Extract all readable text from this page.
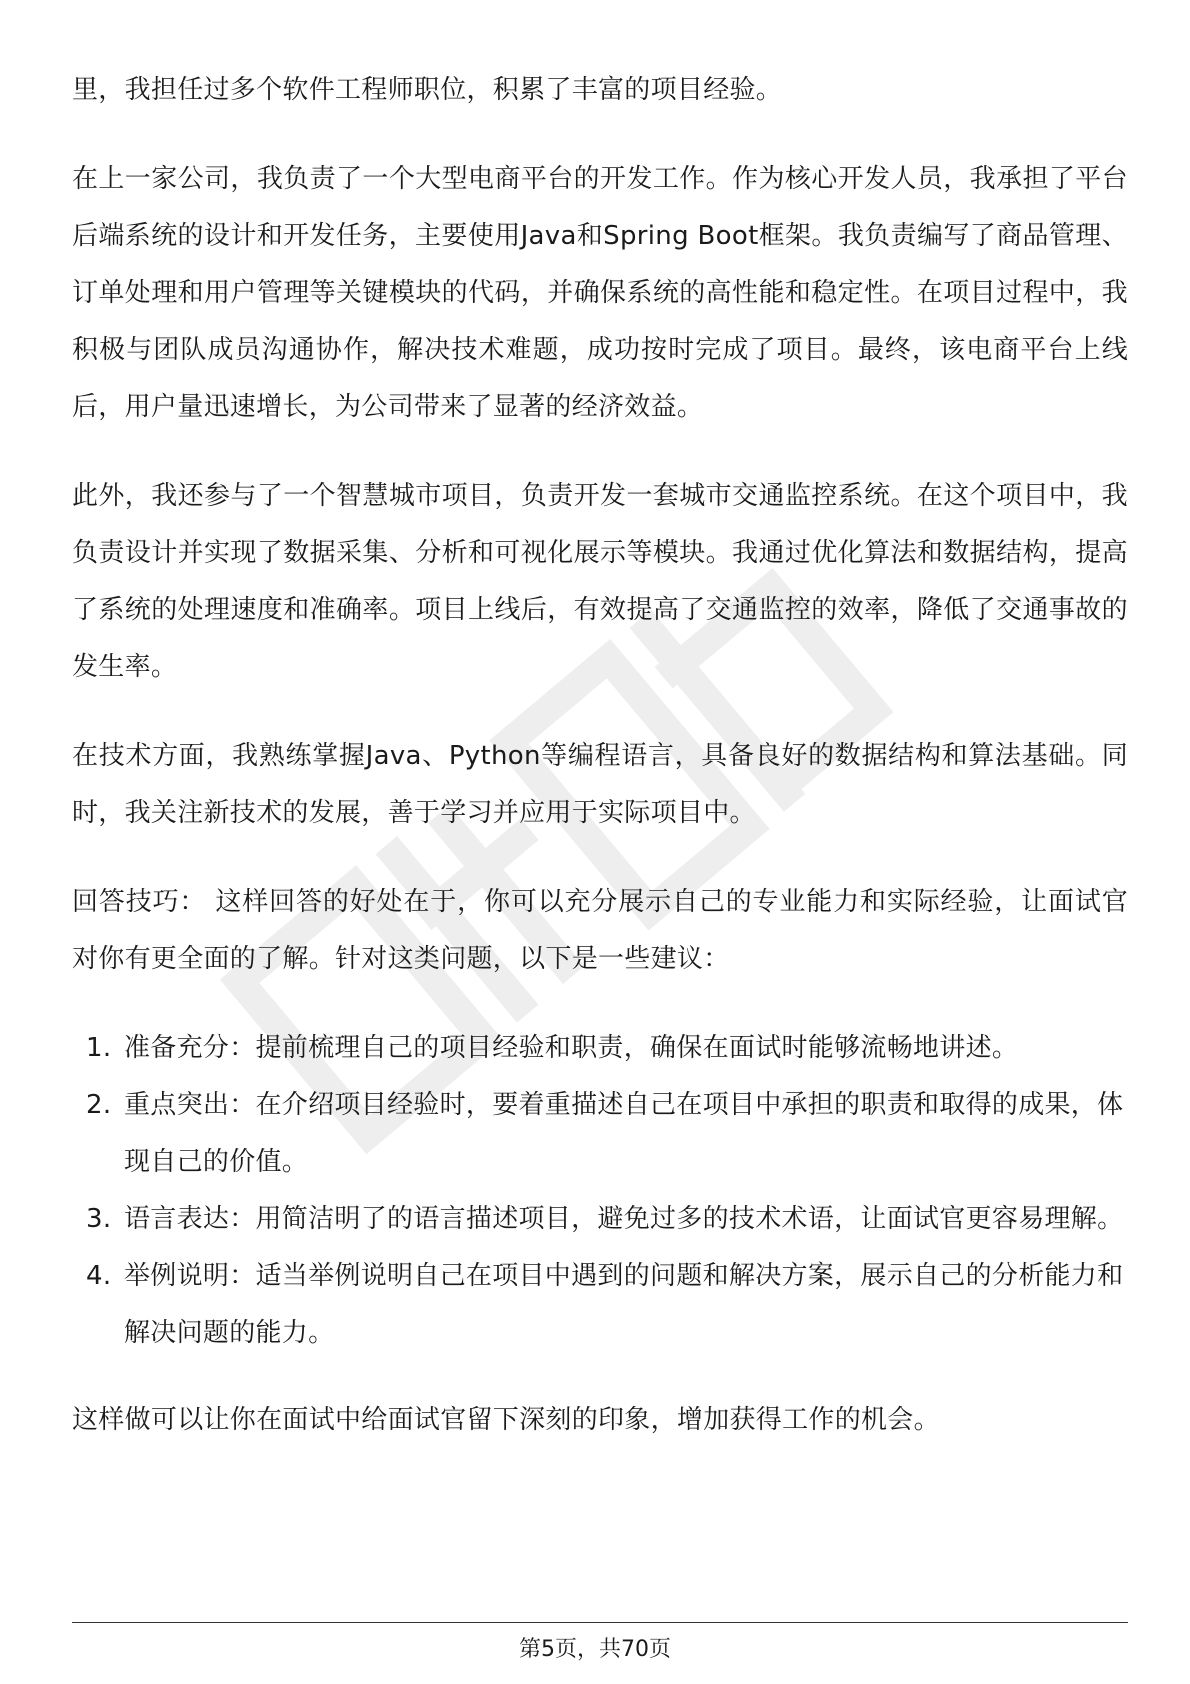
里，我担任过多个软件工程师职位，积累了丰富的项目经验。

在上一家公司，我负责了一个大型电商平台的开发工作。作为核心开发人员，我承担了平台后端系统的设计和开发任务，主要使用Java和Spring Boot框架。我负责编写了商品管理、订单处理和用户管理等关键模块的代码，并确保系统的高性能和稳定性。在项目过程中，我积极与团队成员沟通协作，解决技术难题，成功按时完成了项目。最终，该电商平台上线后，用户量迅速增长，为公司带来了显著的经济效益。

此外，我还参与了一个智慧城市项目，负责开发一套城市交通监控系统。在这个项目中，我负责设计并实现了数据采集、分析和可视化展示等模块。我通过优化算法和数据结构，提高了系统的处理速度和准确率。项目上线后，有效提高了交通监控的效率，降低了交通事故的发生率。

在技术方面，我熟练掌握Java、Python等编程语言，具备良好的数据结构和算法基础。同时，我关注新技术的发展，善于学习并应用于实际项目中。

回答技巧： 这样回答的好处在于，你可以充分展示自己的专业能力和实际经验，让面试官对你有更全面的了解。针对这类问题，以下是一些建议：

1. 准备充分：提前梳理自己的项目经验和职责，确保在面试时能够流畅地讲述。
2. 重点突出：在介绍项目经验时，要着重描述自己在项目中承担的职责和取得的成果，体现自己的价值。
3. 语言表达：用简洁明了的语言描述项目，避免过多的技术术语，让面试官更容易理解。
4. 举例说明：适当举例说明自己在项目中遇到的问题和解决方案，展示自己的分析能力和解决问题的能力。

这样做可以让你在面试中给面试官留下深刻的印象，增加获得工作的机会。

第5页，共70页
